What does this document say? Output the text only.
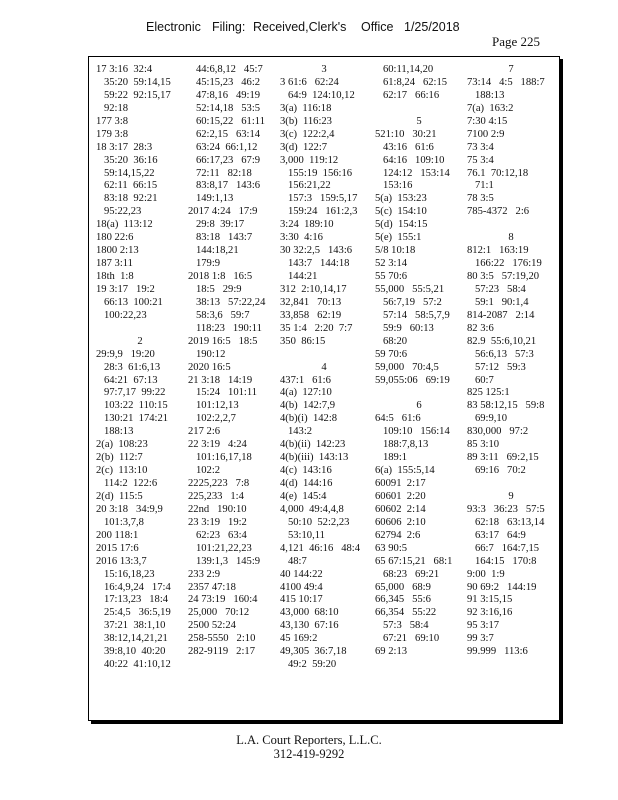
Electronic Filing: Received,Clerk's Office 1/25/2018
Page 225
17 3:16  32:4
35:20  59:14,15
59:22  92:15,17
92:18
177 3:8
179 3:8
18 3:17  28:3
35:20  36:16
59:14,15,22
62:11  66:15
83:18  92:21
95:22,23
18(a)  113:12
180 22:6
1800 2:13
187 3:11
18th  1:8
19 3:17   19:2
66:13  100:21
100:22,23
2
29:9,9   19:20
28:3  61:6,13
64:21  67:13
97:7,17  99:22
103:22  110:15
130:21  174:21
188:13
2(a)  108:23
2(b)  112:7
2(c)  113:10
114:2  122:6
2(d)  115:5
20 3:18   34:9,9
101:3,7,8
200 118:1
2015 17:6
2016 13:3,7
15:16,18,23
16:4,9,24   17:4
17:13,23   18:4
25:4,5   36:5,19
37:21  38:1,10
38:12,14,21,21
39:8,10  40:20
40:22  41:10,12
44:6,8,12   45:7
45:15,23   46:2
47:8,16   49:19
52:14,18   53:5
60:15,22   61:11
62:2,15   63:14
63:24  66:1,12
66:17,23   67:9
72:11   82:18
83:8,17   143:6
149:1,13
2017 4:24   17:9
29:8  39:17
83:18   143:7
144:18,21
179:9
2018 1:8   16:5
18:5   29:9
38:13   57:22,24
58:3,6   59:7
118:23   190:11
2019 16:5   18:5
190:12
2020 16:5
21 3:18   14:19
15:24   101:11
101:12,13
102:2,2,7
217 2:6
22 3:19   4:24
101:16,17,18
102:2
2225,223   7:8
225,233   1:4
22nd   190:10
23 3:19   19:2
62:23   63:4
101:21,22,23
139:1,3   145:9
233 2:9
2357 47:18
24 73:19   160:4
25,000   70:12
2500 52:24
258-5550   2:10
282-9119   2:17
3
3 61:6   62:24
64:9  124:10,12
3(a)  116:18
3(b)  116:23
3(c)  122:2,4
3(d)  122:7
3,000  119:12
155:19  156:16
156:21,22
157:3   159:5,17
159:24   161:2,3
3:24  189:10
3:30  4:16
30 32:2,5   143:6
143:7   144:18
144:21
312  2:10,14,17
32,841   70:13
33,858   62:19
35 1:4   2:20  7:7
350  86:15
4
437:1   61:6
4(a)  127:10
4(b)  142:7,9
4(b)(i)  142:8
143:2
4(b)(ii)  142:23
4(b)(iii)  143:13
4(c)  143:16
4(d)  144:16
4(e)  145:4
4,000  49:4,4,8
50:10  52:2,23
53:10,11
4,121  46:16   48:4
48:7
40 144:22
4100 49:4
415 10:17
43,000  68:10
43,130  67:16
45 169:2
49,305  36:7,18
49:2  59:20
60:11,14,20
61:8,24   62:15
62:17   66:16
5
521:10   30:21
43:16   61:6
64:16   109:10
124:12   153:14
153:16
5(a)  153:23
5(c)  154:10
5(d)  154:15
5(e)  155:1
5/8 10:18
52 3:14
55 70:6
55,000   55:5,21
56:7,19   57:2
57:14   58:5,7,9
59:9   60:13
68:20
59 70:6
59,000   70:4,5
59,055:06   69:19
6
64:5   61:6
109:10   156:14
188:7,8,13
189:1
6(a)  155:5,14
60091  2:17
60601  2:20
60602  2:14
60606  2:10
62794  2:6
63 90:5
65 67:15,21   68:1
68:23   69:21
65,000   68:9
66,345   55:6
66,354   55:22
57:3   58:4
67:21   69:10
69 2:13
7
73:14   4:5   188:7
188:13
7(a)  163:2
7:30 4:15
7100 2:9
73 3:4
75 3:4
76.1  70:12,18
71:1
78 3:5
785-4372   2:6
8
812:1   163:19
166:22   176:19
80 3:5   57:19,20
57:23   58:4
59:1   90:1,4
814-2087   2:14
82 3:6
82.9  55:6,10,21
56:6,13   57:3
57:12   59:3
60:7
825 125:1
83 58:12,15   59:8
69:9,10
830,000   97:2
85 3:10
89 3:11   69:2,15
69:16   70:2
9
93:3   36:23   57:5
62:18   63:13,14
63:17   64:9
66:7   164:7,15
164:15   170:8
9:00  1:9
90 69:2   144:19
91 3:15,15
92 3:16,16
95 3:17
99 3:7
99.999   113:6
L.A. Court Reporters, L.L.C.
312-419-9292
